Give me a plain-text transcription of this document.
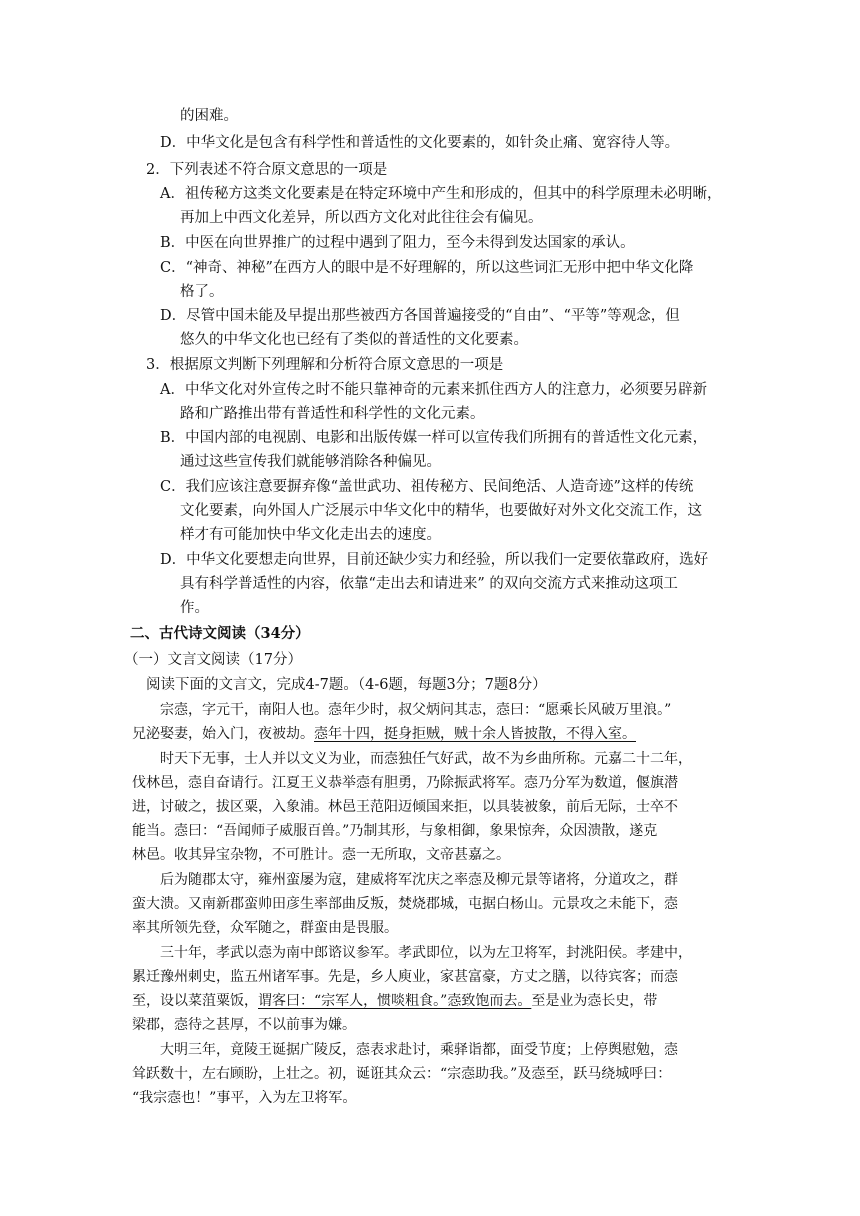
的困难。
D．中华文化是包含有科学性和普适性的文化要素的，如针灸止痛、宽容待人等。
2．下列表述不符合原文意思的一项是
A．祖传秘方这类文化要素是在特定环境中产生和形成的，但其中的科学原理未必明晰，
再加上中西文化差异，所以西方文化对此往往会有偏见。
B．中医在向世界推广的过程中遇到了阻力，至今未得到发达国家的承认。
C．“神奇、神秘”在西方人的眼中是不好理解的，所以这些词汇无形中把中华文化降
格了。
D．尽管中国未能及早提出那些被西方各国普遍接受的“自由”、“平等”等观念，但
悠久的中华文化也已经有了类似的普适性的文化要素。
3．根据原文判断下列理解和分析符合原文意思的一项是
A．中华文化对外宣传之时不能只靠神奇的元素来抓住西方人的注意力，必须要另辟新
路和广路推出带有普适性和科学性的文化元素。
B．中国内部的电视剧、电影和出版传媒一样可以宣传我们所拥有的普适性文化元素，
通过这些宣传我们就能够消除各种偏见。
C．我们应该注意要摒弃像“盖世武功、祖传秘方、民间绝活、人造奇迹”这样的传统
文化要素，向外国人广泛展示中华文化中的精华，也要做好对外文化交流工作，这
样才有可能加快中华文化走出去的速度。
D．中华文化要想走向世界，目前还缺少实力和经验，所以我们一定要依靠政府，选好
具有科学普适性的内容，依靠“走出去和请进来” 的双向交流方式来推动这项工
作。
二、古代诗文阅读（34分）
（一）文言文阅读（17分）
阅读下面的文言文，完成4-7题。（4-6题，每题3分；7题8分）
宗悫，字元干，南阳人也。悫年少时，叔父炳问其志，悫曰：“愿乘长风破万里浪。”
兄泌娶妻，始入门，夜被劫。悫年十四，挺身拒贼，贼十余人皆披散，不得入室。
时天下无事，士人并以文义为业，而悫独任气好武，故不为乡曲所称。元嘉二十二年，
伐林邑，悫自奋请行。江夏王义恭举悫有胆勇，乃除振武将军。悫乃分军为数道，偃旗潜
进，讨破之，拔区粟，入象浦。林邑王范阳迈倾国来拒，以具装被象，前后无际，士卒不
能当。悫曰：“吾闻师子威服百兽。”乃制其形，与象相御，象果惊奔，众因溃散，遂克
林邑。收其异宝杂物，不可胜计。悫一无所取，文帝甚嘉之。
后为随郡太守，雍州蛮屡为寇，建威将军沈庆之率悫及柳元景等诸将，分道攻之，群
蛮大溃。又南新郡蛮帅田彦生率部曲反叛，焚烧郡城，屯据白杨山。元景攻之未能下，悫
率其所领先登，众军随之，群蛮由是畏服。
三十年，孝武以悫为南中郎谘议参军。孝武即位，以为左卫将军，封洮阳侯。孝建中，
累迁豫州刺史，监五州诸军事。先是，乡人庾业，家甚富豪，方丈之膳，以待宾客；而悫
至，设以菜菹粟饭，谓客曰：“宗军人，惯啖粗食。”悫致饱而去。至是业为悫长史，带
梁郡，悫待之甚厚，不以前事为嫌。
大明三年，竟陵王诞据广陵反，悫表求赴讨，乘驿诣都，面受节度；上停舆慰勉，悫
耸跃数十，左右顾盼，上壮之。初，诞诳其众云：“宗悫助我。”及悫至，跃马绕城呼曰：
“我宗悫也！”事平，入为左卫将军。
